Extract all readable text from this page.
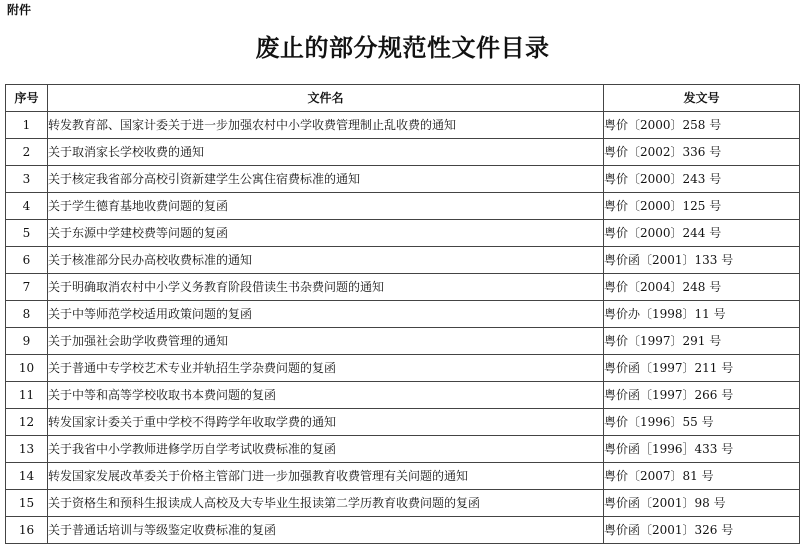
附件
废止的部分规范性文件目录
序号	文件名	发文号
1	转发教育部、国家计委关于进一步加强农村中小学收费管理制止乱收费的通知	粤价〔2000〕258 号
2	关于取消家长学校收费的通知	粤价〔2002〕336 号
3	关于核定我省部分高校引资新建学生公寓住宿费标准的通知	粤价〔2000〕243 号
4	关于学生德育基地收费问题的复函	粤价〔2000〕125 号
5	关于东源中学建校费等问题的复函	粤价〔2000〕244 号
6	关于核准部分民办高校收费标准的通知	粤价函〔2001〕133 号
7	关于明确取消农村中小学义务教育阶段借读生书杂费问题的通知	粤价〔2004〕248 号
8	关于中等师范学校适用政策问题的复函	粤价办〔1998〕11 号
9	关于加强社会助学收费管理的通知	粤价〔1997〕291 号
10	关于普通中专学校艺术专业并轨招生学杂费问题的复函	粤价函〔1997〕211 号
11	关于中等和高等学校收取书本费问题的复函	粤价函〔1997〕266 号
12	转发国家计委关于重中学校不得跨学年收取学费的通知	粤价〔1996〕55 号
13	关于我省中小学教师进修学历自学考试收费标准的复函	粤价函［1996］433 号
14	转发国家发展改革委关于价格主管部门进一步加强教育收费管理有关问题的通知	粤价〔2007〕81 号
15	关于资格生和预科生报读成人高校及大专毕业生报读第二学历教育收费问题的复函	粤价函〔2001〕98 号
16	关于普通话培训与等级鉴定收费标准的复函	粤价函〔2001〕326 号
